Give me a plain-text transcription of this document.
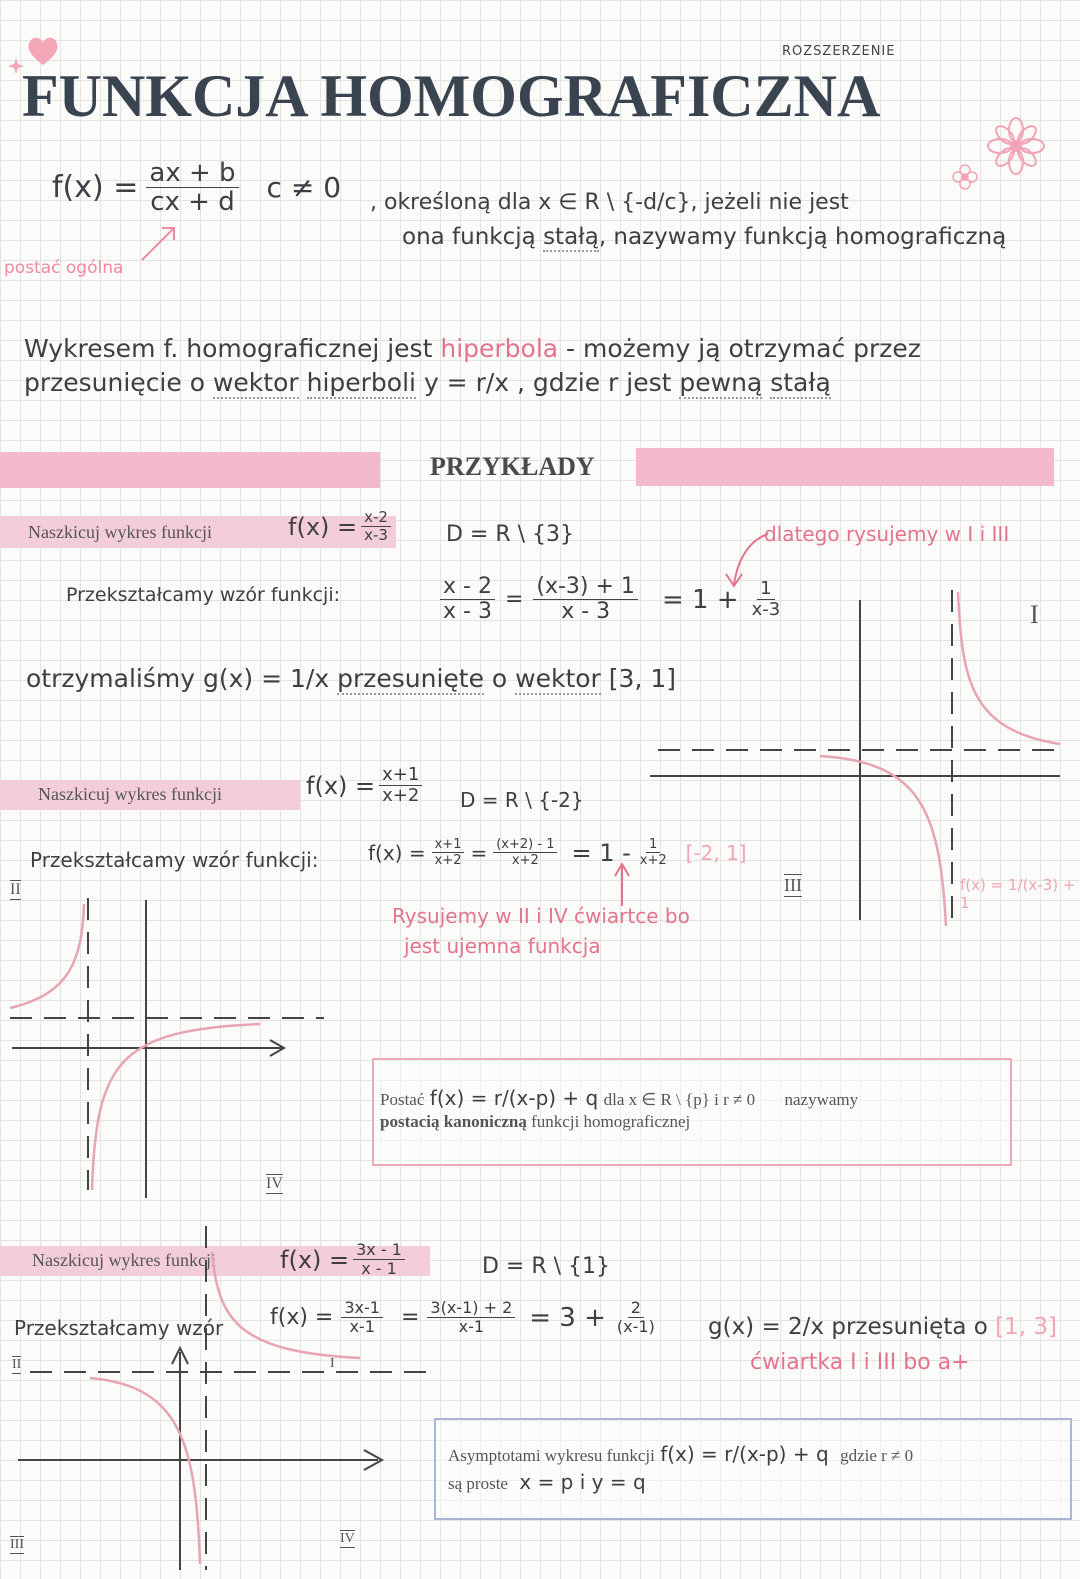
ROZSZERZENIE
FUNKCJA HOMOGRAFICZNA
$f(x) = \frac{ax + b}{cx + d}$ c ≠ 0 , określoną dla x ∈ R \ {-d/c}, jeżeli nie jest
ona funkcją stałą, nazywamy funkcją homograficzną
postać ogólna
Wykresem f. homograficznej jest hiperbola - możemy ją otrzymać przez
przesunięcie o wektor hiperboli y = r/x , gdzie r jest pewną stałą
PRZYKŁADY
Naszkicuj wykres funkcji	$f(x) = \frac{x-2}{x-3}$	D = R \ {3}	dlatego rysujemy w I i III
Przekształcamy wzór funkcji:	$\frac{x - 2}{x - 3} = \frac{(x-3) + 1}{x - 3} = 1 + \frac{1}{x-3}$
otrzymaliśmy g(x) = 1/x przesunięte o wektor [3, 1]
I
III	f(x) = 1/(x-3) + 1
Naszkicuj wykres funkcji	$f(x) = \frac{x+1}{x+2}$ D = R \ {-2}
Przekształcamy wzór funkcji: $f(x) = \frac{x+1}{x+2} = \frac{(x+2) - 1}{x+2} = 1 - \frac{1}{x+2} [-2$, 1]
Rysujemy w II i IV ćwiartce bo
jest ujemna funkcja
II
IV
Postać f(x) = r/(x-p) + q dla x ∈ R \ {p} i r ≠ 0 nazywamy
postacią kanoniczną funkcji homograficznej
Naszkicuj wykres funkcji	$f(x) = \frac{3x - 1}{x - 1}$	D = R \ {1}
Przekształcamy wzór $f(x) = \frac{3x-1}{x-1} = \frac{3(x-1) + 2}{x-1} = 3 + \frac{2}{(x-1)} g(x) = 2/x$ przesunięta o [1, 3]
ćwiartka I i III bo a+
II	I
III	IV
Asymptotami wykresu funkcji f(x) = r/(x-p) + q gdzie r ≠ 0
są proste x = p i y = q
